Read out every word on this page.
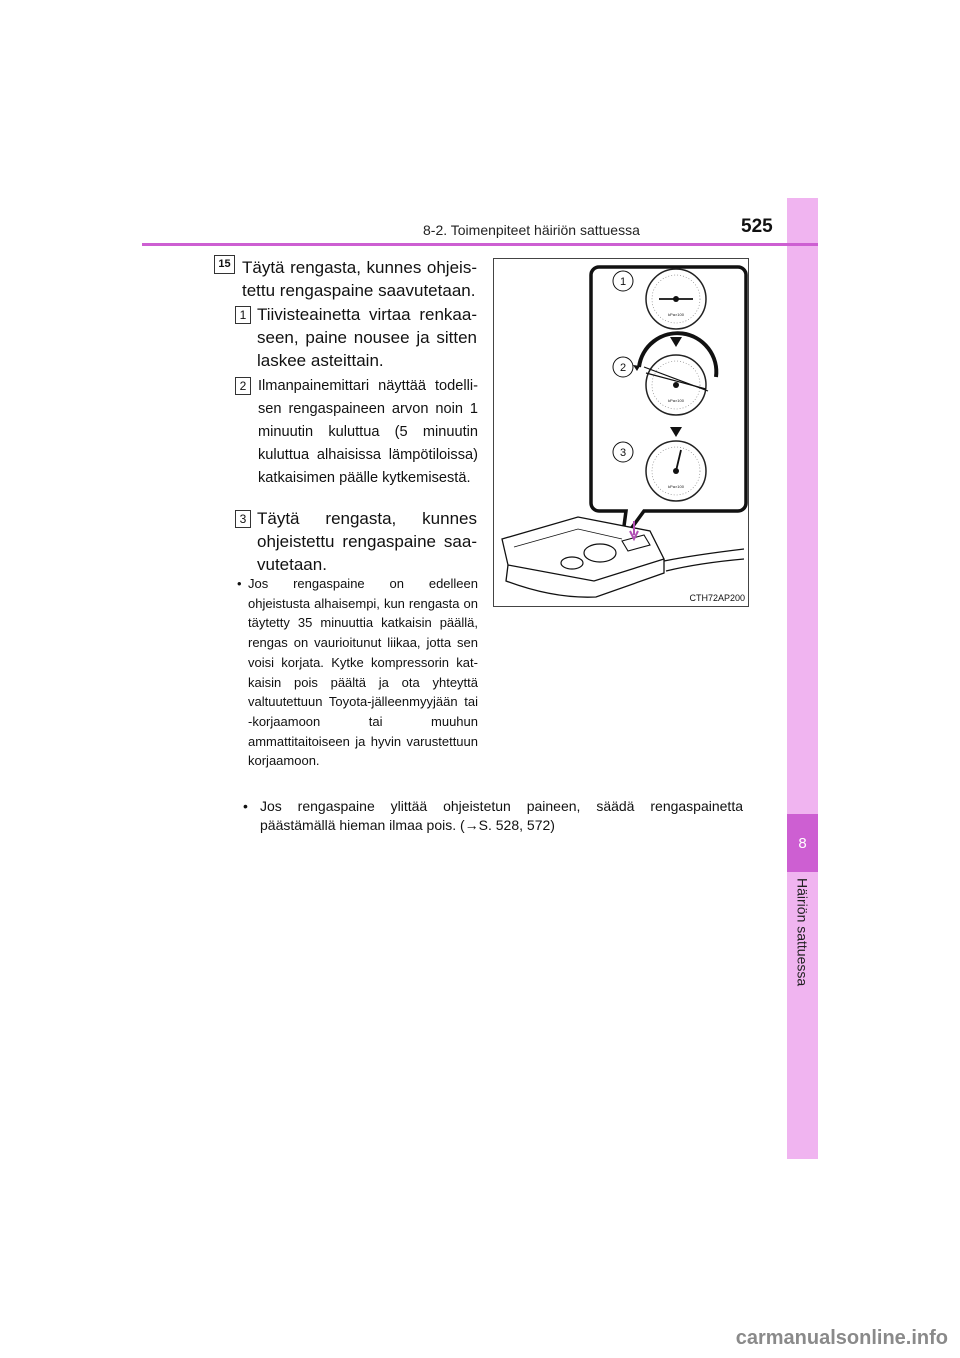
8
Häiriön sattuessa
8-2. Toimenpiteet häiriön sattuessa	525
15 Täytä rengasta, kunnes ohjeistettu rengaspaine saavutetaan.
1 Tiivisteainetta virtaa renkaaseen, paine nousee ja sitten laskee asteittain.
2 Ilmanpainemittari näyttää todellisen rengaspaineen arvon noin 1 minuutin kuluttua (5 minuutin kuluttua alhaisissa lämpötiloissa) katkaisimen päälle kytkemisestä.
3 Täytä rengasta, kunnes ohjeistettu rengaspaine saavutetaan.
• Jos rengaspaine on edelleen ohjeistusta alhaisempi, kun rengasta on täytetty 35 minuuttia katkaisin päällä, rengas on vaurioitunut liikaa, jotta sen voisi korjata. Kytke kompressorin katkaisin pois päältä ja ota yhteyttä valtuutettuun Toyota-jälleenmyyjään tai -korjaamoon tai muuhun ammattitaitoiseen ja hyvin varustettuun korjaamoon.
• Jos rengaspaine ylittää ohjeistetun paineen, säädä rengaspainetta päästämällä hieman ilmaa pois. (→S. 528, 572)
kPa×100
kPa×100
kPa×100
1
2
3
CTH72AP200
carmanualsonline.info
